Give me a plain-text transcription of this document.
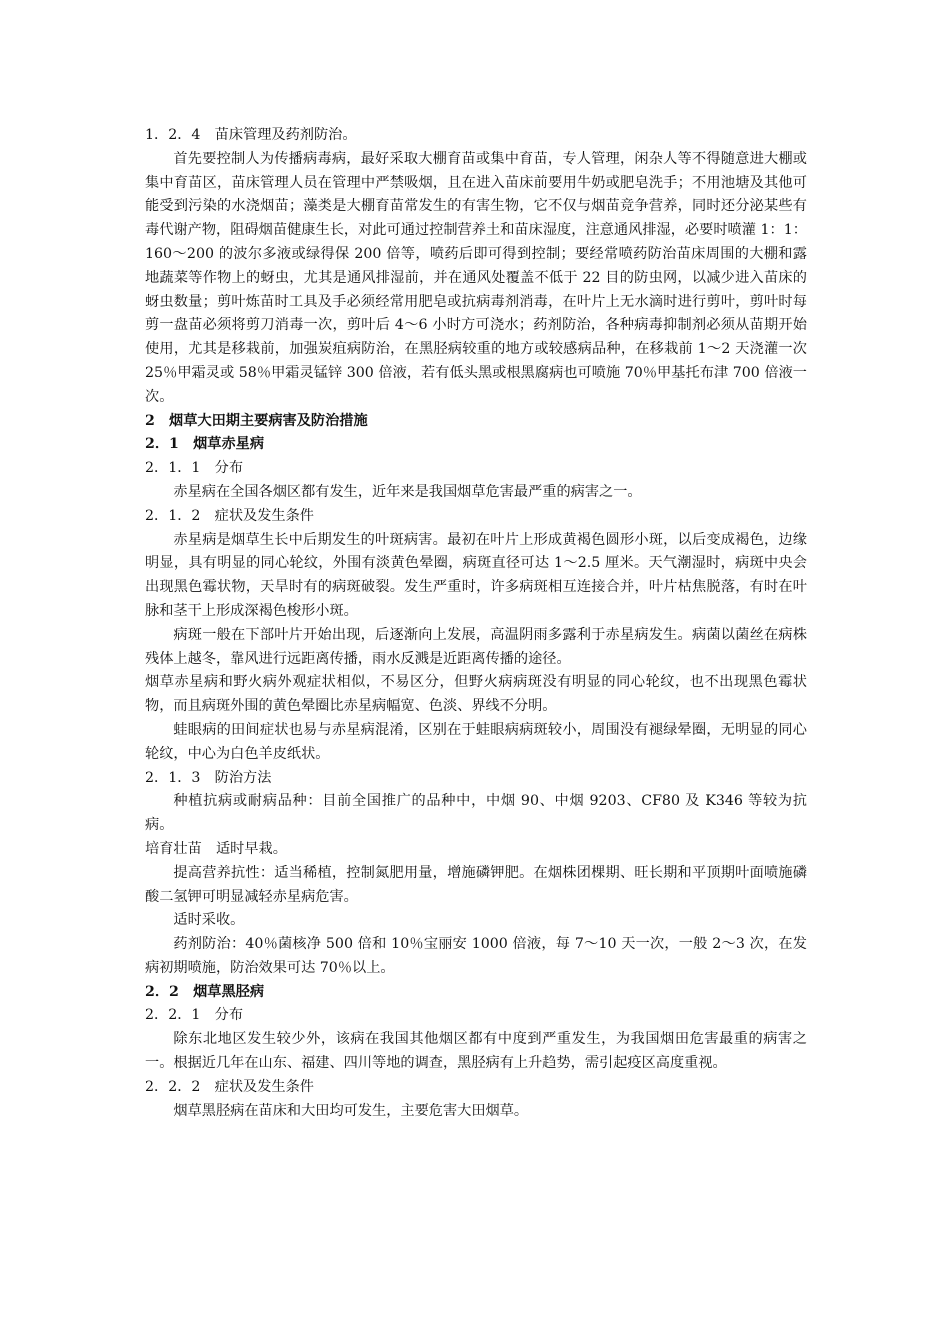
1．2．4　苗床管理及药剂防治。

首先要控制人为传播病毒病，最好采取大棚育苗或集中育苗，专人管理，闲杂人等不得随意进大棚或集中育苗区，苗床管理人员在管理中严禁吸烟，且在进入苗床前要用牛奶或肥皂洗手；不用池塘及其他可能受到污染的水浇烟苗；藻类是大棚育苗常发生的有害生物，它不仅与烟苗竞争营养，同时还分泌某些有毒代谢产物，阻碍烟苗健康生长，对此可通过控制营养土和苗床湿度，注意通风排湿，必要时喷灌 1：1：160～200 的波尔多液或绿得保 200 倍等，喷药后即可得到控制；要经常喷药防治苗床周围的大棚和露地蔬菜等作物上的蚜虫，尤其是通风排湿前，并在通风处覆盖不低于 22 目的防虫网，以减少进入苗床的蚜虫数量；剪叶炼苗时工具及手必须经常用肥皂或抗病毒剂消毒，在叶片上无水滴时进行剪叶，剪叶时每剪一盘苗必须将剪刀消毒一次，剪叶后 4～6 小时方可浇水；药剂防治，各种病毒抑制剂必须从苗期开始使用，尤其是移栽前，加强炭疽病防治，在黑胫病较重的地方或较感病品种，在移栽前 1～2 天浇灌一次 25％甲霜灵或 58％甲霜灵锰锌 300 倍液，若有低头黑或根黑腐病也可喷施 70％甲基托布津 700 倍液一次。

2　烟草大田期主要病害及防治措施

2．1　烟草赤星病

2．1．1　分布

赤星病在全国各烟区都有发生，近年来是我国烟草危害最严重的病害之一。

2．1．2　症状及发生条件

赤星病是烟草生长中后期发生的叶斑病害。最初在叶片上形成黄褐色圆形小斑，以后变成褐色，边缘明显，具有明显的同心轮纹，外围有淡黄色晕圈，病斑直径可达 1～2.5 厘米。天气潮湿时，病斑中央会出现黑色霉状物，天旱时有的病斑破裂。发生严重时，许多病斑相互连接合并，叶片枯焦脱落，有时在叶脉和茎干上形成深褐色梭形小斑。

病斑一般在下部叶片开始出现，后逐渐向上发展，高温阴雨多露利于赤星病发生。病菌以菌丝在病株残体上越冬，靠风进行远距离传播，雨水反溅是近距离传播的途径。

烟草赤星病和野火病外观症状相似，不易区分，但野火病病斑没有明显的同心轮纹，也不出现黑色霉状物，而且病斑外围的黄色晕圈比赤星病幅宽、色淡、界线不分明。

蛙眼病的田间症状也易与赤星病混淆，区别在于蛙眼病病斑较小，周围没有褪绿晕圈，无明显的同心轮纹，中心为白色羊皮纸状。

2．1．3　防治方法

种植抗病或耐病品种：目前全国推广的品种中，中烟 90、中烟 9203、CF80 及 K346 等较为抗病。

培育壮苗　适时早栽。

提高营养抗性：适当稀植，控制氮肥用量，增施磷钾肥。在烟株团棵期、旺长期和平顶期叶面喷施磷酸二氢钾可明显减轻赤星病危害。

适时采收。

药剂防治：40％菌核净 500 倍和 10％宝丽安 1000 倍液，每 7～10 天一次，一般 2～3 次，在发病初期喷施，防治效果可达 70％以上。

2．2　烟草黑胫病

2．2．1　分布

除东北地区发生较少外，该病在我国其他烟区都有中度到严重发生，为我国烟田危害最重的病害之一。根据近几年在山东、福建、四川等地的调查，黑胫病有上升趋势，需引起疫区高度重视。

2．2．2　症状及发生条件

烟草黑胫病在苗床和大田均可发生，主要危害大田烟草。
